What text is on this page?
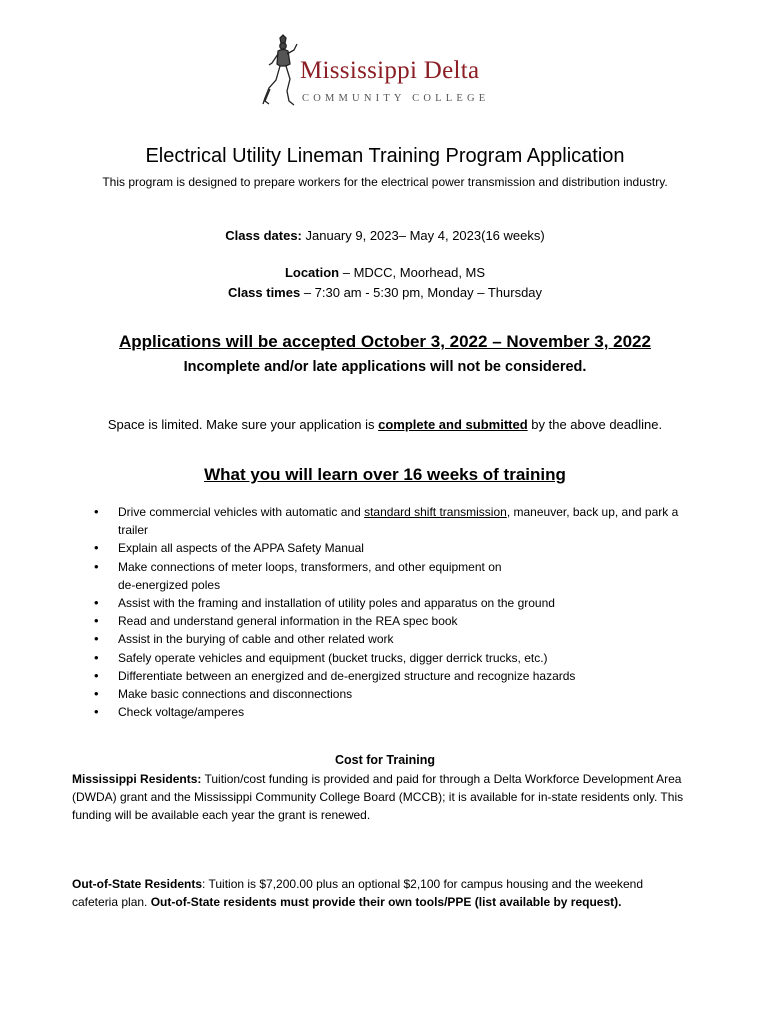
Mississippi Delta
COMMUNITY COLLEGE
Electrical Utility Lineman Training Program Application
This program is designed to prepare workers for the electrical power transmission and distribution industry.
Class dates: January 9, 2023– May 4, 2023(16 weeks)
Location – MDCC, Moorhead, MS
Class times – 7:30 am - 5:30 pm, Monday – Thursday
Applications will be accepted October 3, 2022 – November 3, 2022
Incomplete and/or late applications will not be considered.
Space is limited. Make sure your application is complete and submitted by the above deadline.
What you will learn over 16 weeks of training
• Drive commercial vehicles with automatic and standard shift transmission, maneuver, back up, and park a trailer
• Explain all aspects of the APPA Safety Manual
• Make connections of meter loops, transformers, and other equipment on
de-energized poles
• Assist with the framing and installation of utility poles and apparatus on the ground
• Read and understand general information in the REA spec book
• Assist in the burying of cable and other related work
• Safely operate vehicles and equipment (bucket trucks, digger derrick trucks, etc.)
• Differentiate between an energized and de-energized structure and recognize hazards
• Make basic connections and disconnections
• Check voltage/amperes
Cost for Training
Mississippi Residents: Tuition/cost funding is provided and paid for through a Delta Workforce Development Area (DWDA) grant and the Mississippi Community College Board (MCCB); it is available for in-state residents only. This funding will be available each year the grant is renewed.
Out-of-State Residents: Tuition is $7,200.00 plus an optional $2,100 for campus housing and the weekend cafeteria plan. Out-of-State residents must provide their own tools/PPE (list available by request).
